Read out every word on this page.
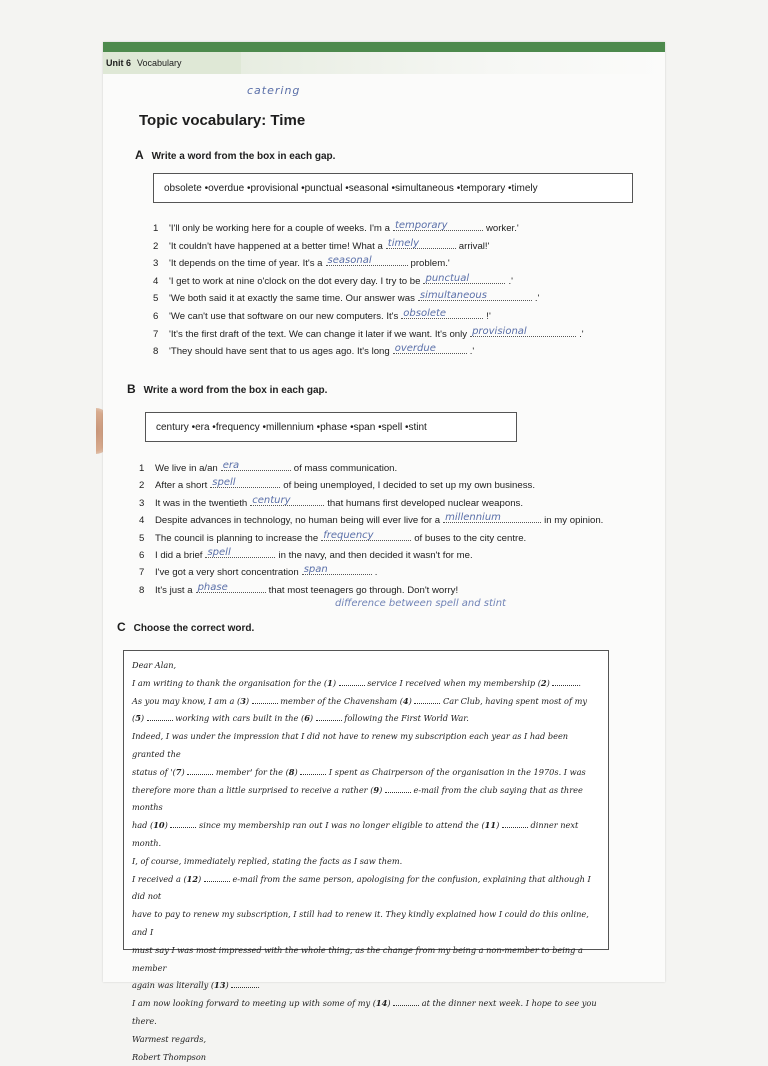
Unit 6 Vocabulary
catering
Topic vocabulary: Time
A Write a word from the box in each gap.
obsolete • overdue • provisional • punctual • seasonal • simultaneous • temporary • timely
1 'I'll only be working here for a couple of weeks. I'm a temporary	worker.'
2 'It couldn't have happened at a better time! What a timely	arrival!'
3 'It depends on the time of year. It's a seasonal	problem.'
4 'I get to work at nine o'clock on the dot every day. I try to be punctual	.'
5 'We both said it at exactly the same time. Our answer was simultaneous	.'
6 'We can't use that software on our new computers. It's obsolete	!'
7 'It's the first draft of the text. We can change it later if we want. It's only provisional	.'
8 'They should have sent that to us ages ago. It's long overdue	.'
B Write a word from the box in each gap.
century • era • frequency • millennium • phase • span • spell • stint
1 We live in a/an era	of mass communication.
2 After a short spell	of being unemployed, I decided to set up my own business.
3 It was in the twentieth century	that humans first developed nuclear weapons.
4 Despite advances in technology, no human being will ever live for a millennium	in my opinion.
5 The council is planning to increase the frequency	of buses to the city centre.
6 I did a brief spell	in the navy, and then decided it wasn't for me.
7 I've got a very short concentration span	.
8 It's just a phase	that most teenagers go through. Don't worry!
difference between spell and stint
C Choose the correct word.

Dear Alan,

I am writing to thank the organisation for the (1)	service I received when my membership (2)	.

As you may know, I am a (3)	member of the Chavensham (4)	Car Club, having spent most of my

(5)	working with cars built in the (6)	following the First World War.

Indeed, I was under the impression that I did not have to renew my subscription each year as I had been granted the

status of '(7)	member' for the (8)	I spent as Chairperson of the organisation in the 1970s. I was

therefore more than a little surprised to receive a rather (9)	e-mail from the club saying that as three months

had (10)	since my membership ran out I was no longer eligible to attend the (11)	dinner next month.

I, of course, immediately replied, stating the facts as I saw them.

I received a (12)	e-mail from the same person, apologising for the confusion, explaining that although I did not

have to pay to renew my subscription, I still had to renew it. They kindly explained how I could do this online, and I

must say I was most impressed with the whole thing, as the change from my being a non-member to being a member

again was literally (13)	.

I am now looking forward to meeting up with some of my (14)	at the dinner next week. I hope to see you there.

Warmest regards,

Robert Thompson
